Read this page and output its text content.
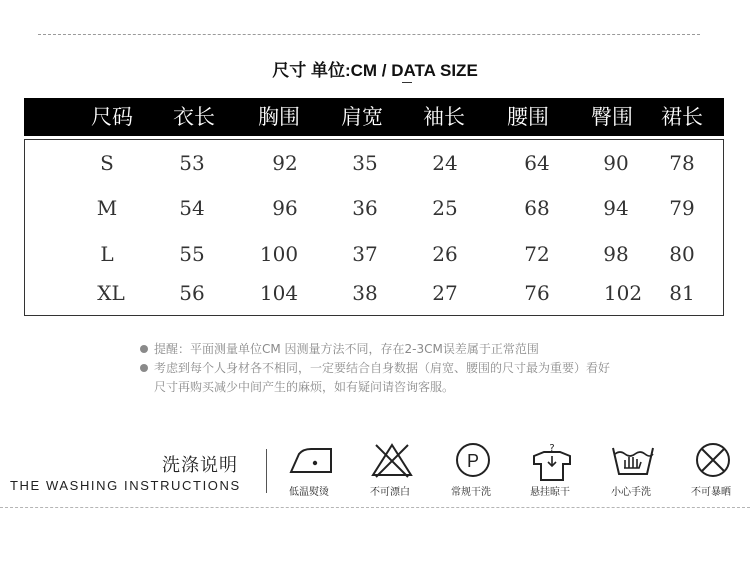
尺寸 单位:CM / DATA SIZE
尺码 衣长 胸围 肩宽 袖长 腰围 臀围 裙长
S	53	92	35	24	64	90 78
M	54	96	36	25	68	94 79
L	55	100	37	26	72	98 80
XL	56	104	38	27	76	102 81
提醒：平面测量单位CM 因测量方法不同，存在2-3CM误差属于正常范围
考虑到每个人身材各不相同，一定要结合自身数据（肩宽、腰围的尺寸最为重要）看好尺寸再购买减少中间产生的麻烦，如有疑问请咨询客服。
洗涤说明
THE WASHING INSTRUCTIONS	低温熨烫	不可漂白
P
常规干洗
?
悬挂晾干	小心手洗	不可暴晒
